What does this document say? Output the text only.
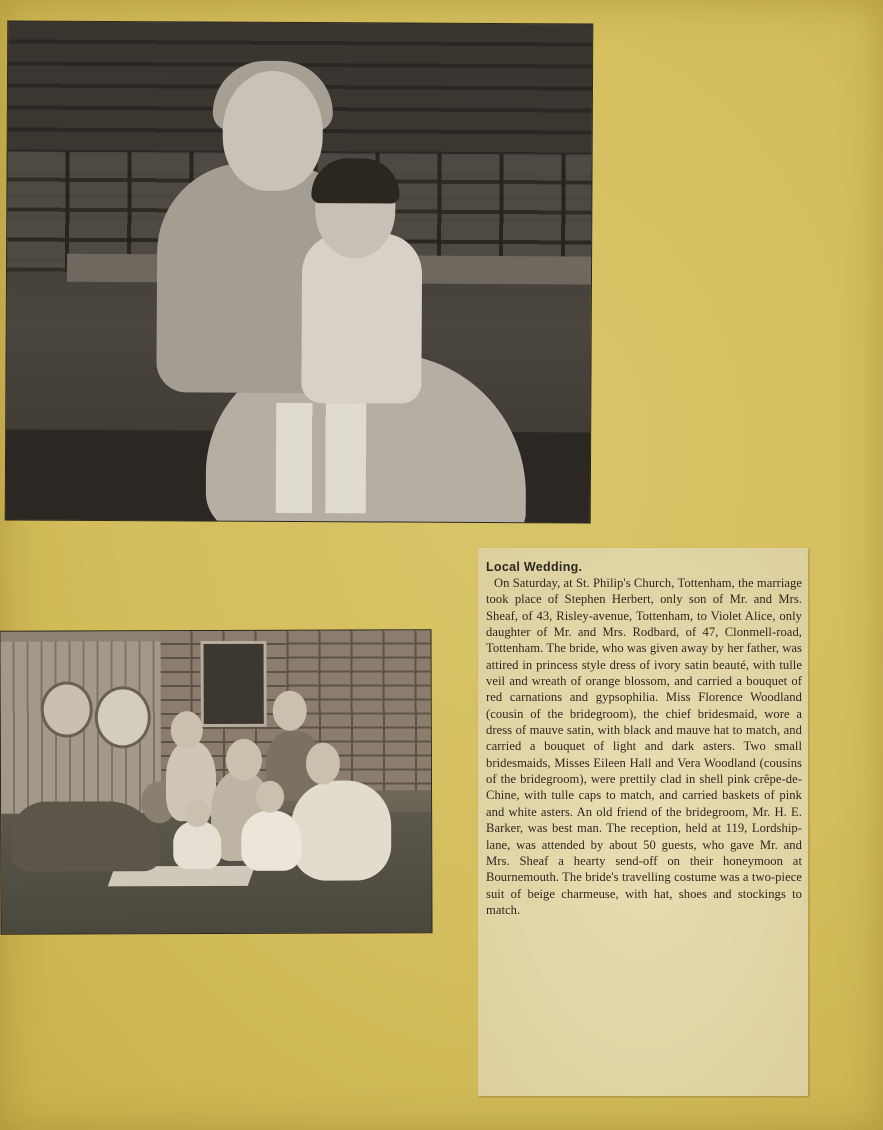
Local Wedding.

On Saturday, at St. Philip's Church, Tottenham, the marriage took place of Stephen Herbert, only son of Mr. and Mrs. Sheaf, of 43, Risley-avenue, Tottenham, to Violet Alice, only daughter of Mr. and Mrs. Rodbard, of 47, Clonmell-road, Tottenham. The bride, who was given away by her father, was attired in princess style dress of ivory satin beauté, with tulle veil and wreath of orange blossom, and carried a bouquet of red carnations and gypsophilia. Miss Florence Woodland (cousin of the bridegroom), the chief bridesmaid, wore a dress of mauve satin, with black and mauve hat to match, and carried a bouquet of light and dark asters. Two small bridesmaids, Misses Eileen Hall and Vera Woodland (cousins of the bridegroom), were prettily clad in shell pink crêpe-de-Chine, with tulle caps to match, and carried baskets of pink and white asters. An old friend of the bridegroom, Mr. H. E. Barker, was best man. The reception, held at 119, Lordship-lane, was attended by about 50 guests, who gave Mr. and Mrs. Sheaf a hearty send-off on their honeymoon at Bournemouth. The bride's travelling costume was a two-piece suit of beige charmeuse, with hat, shoes and stockings to match.
